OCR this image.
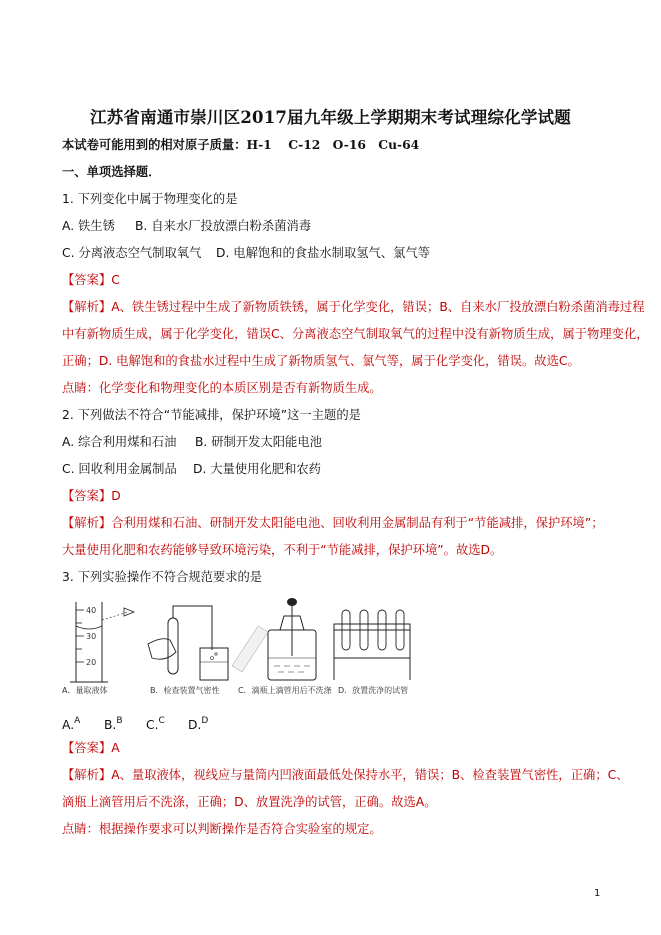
江苏省南通市崇川区2017届九年级上学期期末考试理综化学试题
本试卷可能用到的相对原子质量：H-1　 C-12　O-16　Cu-64
一、单项选择题．
1. 下列变化中属于物理变化的是
A. 铁生锈 B. 自来水厂投放漂白粉杀菌消毒
C. 分离液态空气制取氧气 D. 电解饱和的食盐水制取氢气、氯气等
【答案】C
【解析】A、铁生锈过程中生成了新物质铁锈，属于化学变化，错误；B、自来水厂投放漂白粉杀菌消毒过程
中有新物质生成，属于化学变化，错误C、分离液态空气制取氧气的过程中没有新物质生成，属于物理变化，
正确；D. 电解饱和的食盐水过程中生成了新物质氢气、氯气等，属于化学变化，错误。故选C。
点睛：化学变化和物理变化的本质区别是否有新物质生成。
2. 下列做法不符合“节能减排，保护环境”这一主题的是
A. 综合利用煤和石油 B. 研制开发太阳能电池
C. 回收利用金属制品 D. 大量使用化肥和农药
【答案】D
【解析】合利用煤和石油、研制开发太阳能电池、回收利用金属制品有利于“节能减排，保护环境”；
大量使用化肥和农药能够导致环境污染，不利于“节能减排，保护环境”。故选D。
3. 下列实验操作不符合规范要求的是
40
30
20
A．量取液体	B．检查装置气密性 C．滴瓶上滴管用后不洗涤 D．放置洗净的试管
A.$^A$ B.$^B$ C.$^C$ D.$^D$
【答案】A
【解析】A、量取液体，视线应与量筒内凹液面最低处保持水平，错误；B、检查装置气密性，正确；C、
滴瓶上滴管用后不洗涤，正确；D、放置洗净的试管，正确。故选A。
点睛：根据操作要求可以判断操作是否符合实验室的规定。
1
